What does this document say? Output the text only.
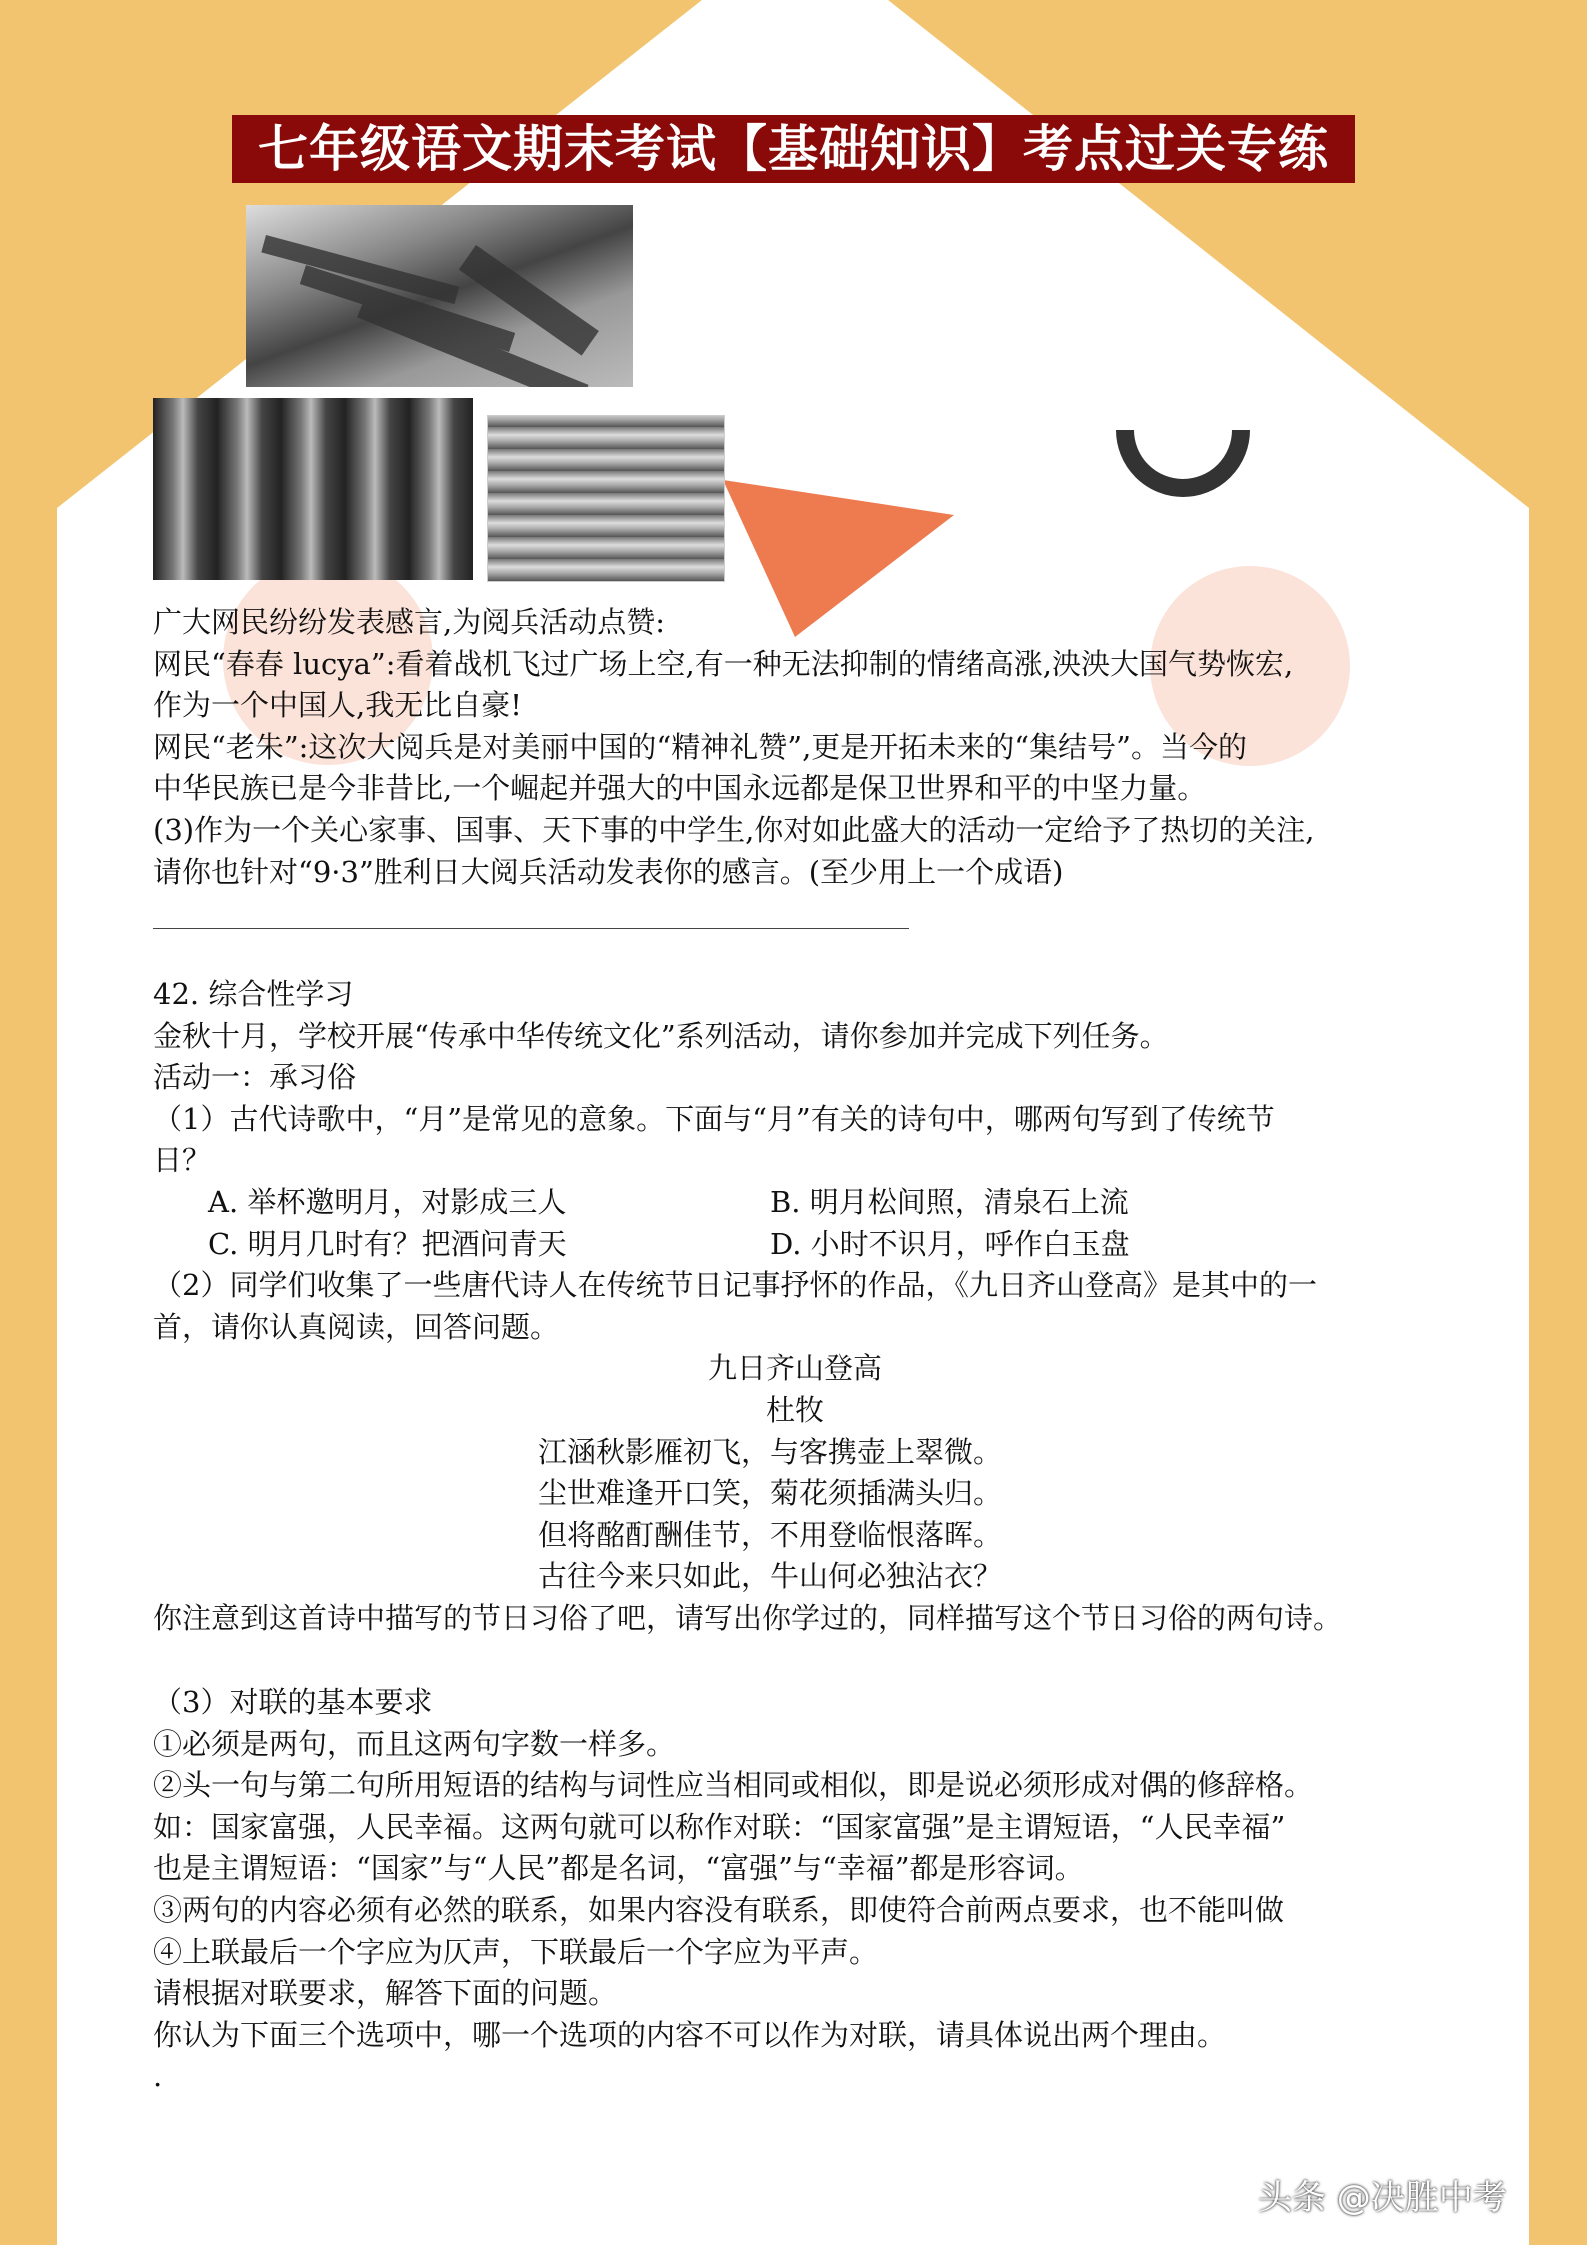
七年级语文期末考试【基础知识】考点过关专练
广大网民纷纷发表感言,为阅兵活动点赞:
网民“春春 lucya”:看着战机飞过广场上空,有一种无法抑制的情绪高涨,泱泱大国气势恢宏,
作为一个中国人,我无比自豪!
网民“老朱”:这次大阅兵是对美丽中国的“精神礼赞”,更是开拓未来的“集结号”。当今的
中华民族已是今非昔比,一个崛起并强大的中国永远都是保卫世界和平的中坚力量。
(3)作为一个关心家事、国事、天下事的中学生,你对如此盛大的活动一定给予了热切的关注,
请你也针对“9·3”胜利日大阅兵活动发表你的感言。(至少用上一个成语)
42. 综合性学习
金秋十月，学校开展“传承中华传统文化”系列活动，请你参加并完成下列任务。
活动一：承习俗
（1）古代诗歌中，“月”是常见的意象。下面与“月”有关的诗句中，哪两句写到了传统节
日？
A. 举杯邀明月，对影成三人	B. 明月松间照，清泉石上流
C. 明月几时有？把酒问青天	D. 小时不识月，呼作白玉盘
（2）同学们收集了一些唐代诗人在传统节日记事抒怀的作品，《九日齐山登高》是其中的一
首，请你认真阅读，回答问题。
九日齐山登高
杜牧
江涵秋影雁初飞，与客携壶上翠微。
尘世难逢开口笑，菊花须插满头归。
但将酩酊酬佳节，不用登临恨落晖。
古往今来只如此，牛山何必独沾衣？
你注意到这首诗中描写的节日习俗了吧，请写出你学过的，同样描写这个节日习俗的两句诗。
（3）对联的基本要求
①必须是两句，而且这两句字数一样多。
②头一句与第二句所用短语的结构与词性应当相同或相似，即是说必须形成对偶的修辞格。
如：国家富强，人民幸福。这两句就可以称作对联：“国家富强”是主谓短语，“人民幸福”
也是主谓短语：“国家”与“人民”都是名词，“富强”与“幸福”都是形容词。
③两句的内容必须有必然的联系，如果内容没有联系，即使符合前两点要求，也不能叫做
④上联最后一个字应为仄声，下联最后一个字应为平声。
请根据对联要求，解答下面的问题。
你认为下面三个选项中，哪一个选项的内容不可以作为对联，请具体说出两个理由。
.
头条 @决胜中考
